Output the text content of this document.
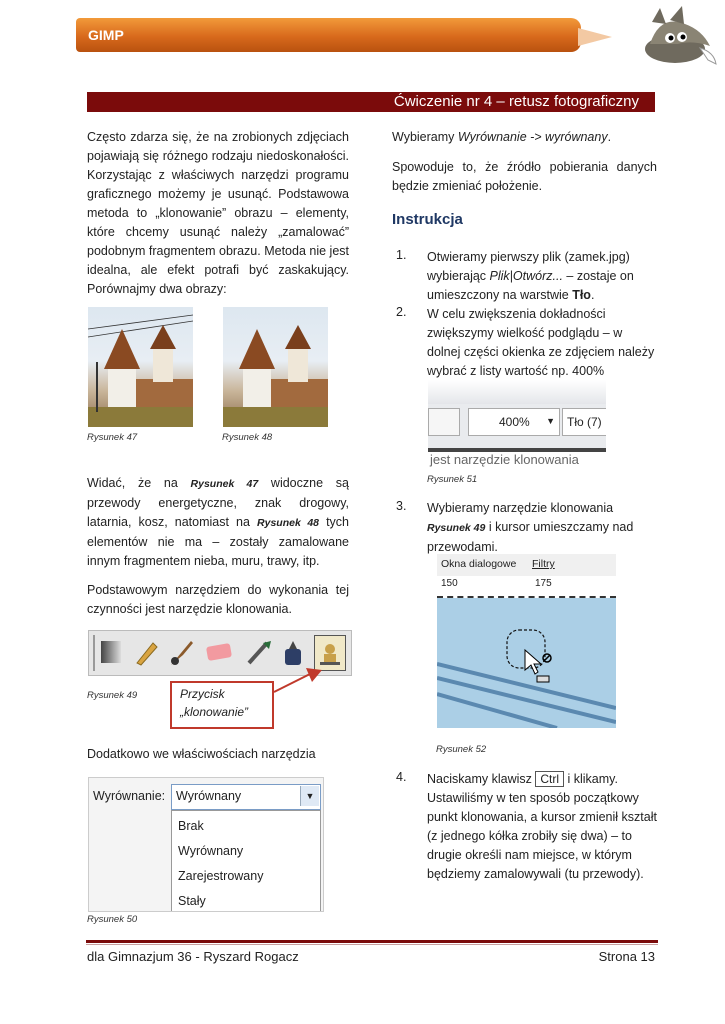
GIMP
Ćwiczenie nr 4 – retusz fotograficzny

Często zdarza się, że na zrobionych zdjęciach pojawiają się różnego rodzaju niedoskonałości. Korzystając z właściwych narzędzi programu graficznego możemy je usunąć. Podstawowa metoda to „klonowanie” obrazu – elementy, które chcemy usunąć należy „zamalować” podobnym fragmentem obrazu. Metoda nie jest idealna, ale efekt potrafi być zaskakujący. Porównajmy dwa obrazy:

Rysunek 47	Rysunek 48

Widać, że na Rysunek 47 widoczne są przewody energetyczne, znak drogowy, latarnia, kosz, natomiast na Rysunek 48 tych elementów nie ma – zostały zamalowane innym fragmentem nieba, muru, trawy, itp.

Podstawowym narzędziem do wykonania tej czynności jest narzędzie klonowania.

Rysunek 49	Przycisk
„klonowanie”

Dodatkowo we właściwościach narzędzia

Wyrównanie: Wyrównany	▼
Brak
Wyrównany
Zarejestrowany
Stały
Rysunek 50

Wybieramy Wyrównanie -> wyrównany.

Spowoduje to, że źródło pobierania danych będzie zmieniać położenie.

Instrukcja
1. Otwieramy pierwszy plik (zamek.jpg) wybierając Plik|Otwórz... – zostaje on umieszczony na warstwie Tło.

2. W celu zwiększenia dokładności zwiększymy wielkość podglądu – w dolnej części okienka ze zdjęciem należy wybrać z listy wartość np. 400%

400% ▼ Tło (7)
jest narzędzie klonowania
Rysunek 51
3. Wybieramy narzędzie klonowania Rysunek 49 i kursor umieszczamy nad przewodami.

Okna dialogowe Filtry
150	175
Rysunek 52
4. Naciskamy klawisz Ctrl i klikamy. Ustawiliśmy w ten sposób początkowy punkt klonowania, a kursor zmienił kształt (z jednego kółka zrobiły się dwa) – to drugie określi nam miejsce, w którym będziemy zamalowywali (tu przewody).

dla Gimnazjum 36 - Ryszard Rogacz	Strona 13
